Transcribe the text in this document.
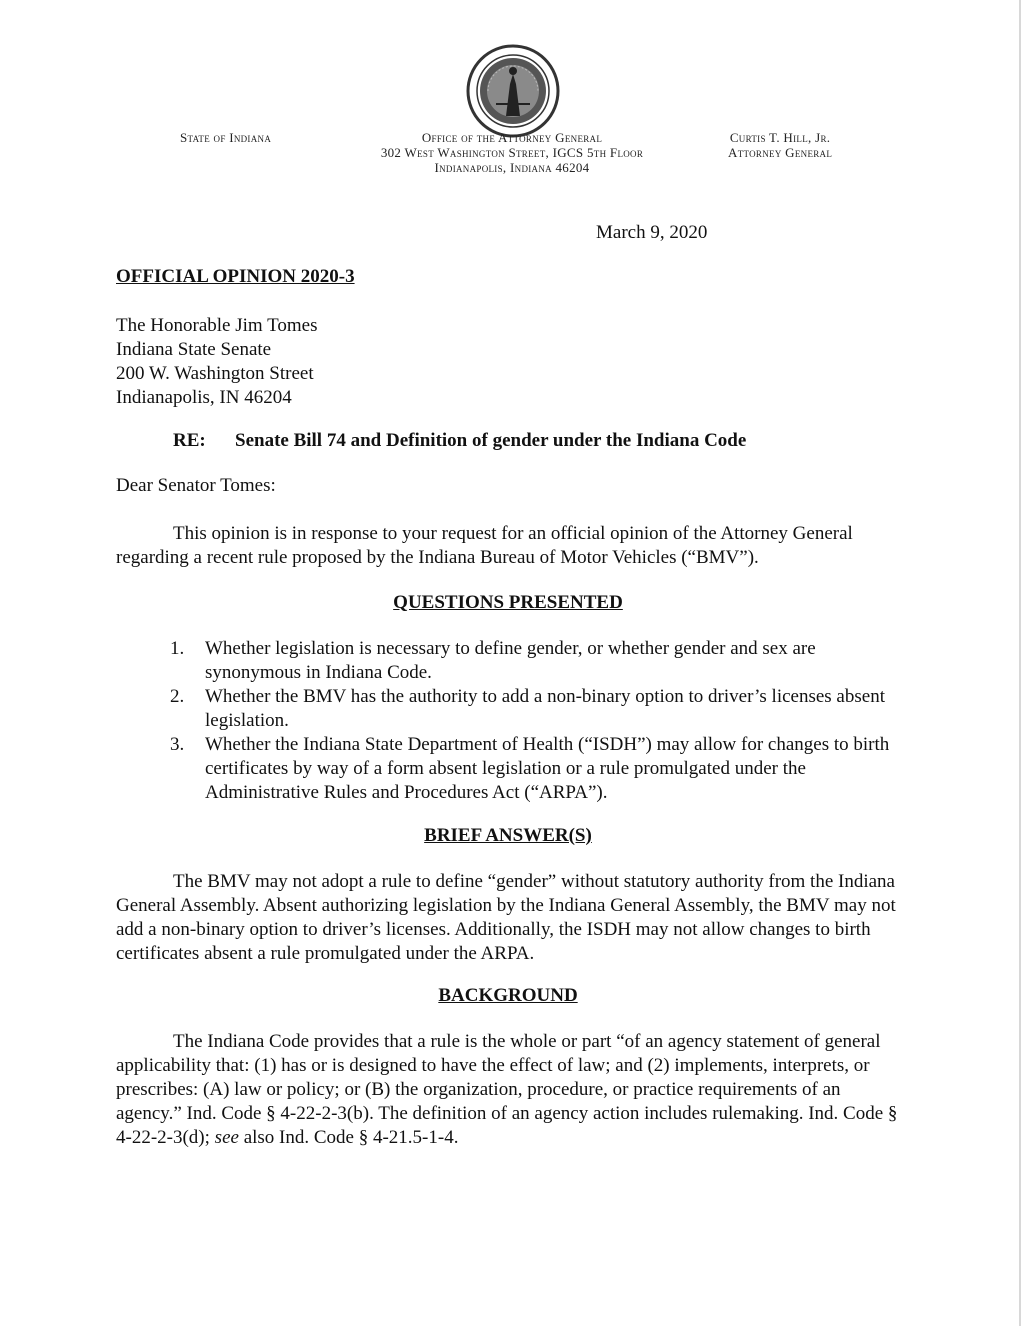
State of Indiana	Office of the Attorney General
302 West Washington Street, IGCS 5th Floor
Indianapolis, Indiana 46204
Curtis T. Hill, Jr.
Attorney General
March 9, 2020
OFFICIAL OPINION 2020-3
The Honorable Jim Tomes
Indiana State Senate
200 W. Washington Street
Indianapolis, IN 46204
RE: Senate Bill 74 and Definition of gender under the Indiana Code
Dear Senator Tomes:

This opinion is in response to your request for an official opinion of the Attorney General regarding a recent rule proposed by the Indiana Bureau of Motor Vehicles (“BMV”).

QUESTIONS PRESENTED
1. Whether legislation is necessary to define gender, or whether gender and sex are synonymous in Indiana Code.
2. Whether the BMV has the authority to add a non-binary option to driver’s licenses absent legislation.
3. Whether the Indiana State Department of Health (“ISDH”) may allow for changes to birth certificates by way of a form absent legislation or a rule promulgated under the Administrative Rules and Procedures Act (“ARPA”).
BRIEF ANSWER(S)

The BMV may not adopt a rule to define “gender” without statutory authority from the Indiana General Assembly. Absent authorizing legislation by the Indiana General Assembly, the BMV may not add a non-binary option to driver’s licenses. Additionally, the ISDH may not allow changes to birth certificates absent a rule promulgated under the ARPA.

BACKGROUND

The Indiana Code provides that a rule is the whole or part “of an agency statement of general applicability that: (1) has or is designed to have the effect of law; and (2) implements, interprets, or prescribes: (A) law or policy; or (B) the organization, procedure, or practice requirements of an agency.” Ind. Code § 4-22-2-3(b). The definition of an agency action includes rulemaking. Ind. Code § 4-22-2-3(d); see also Ind. Code § 4-21.5-1-4.
